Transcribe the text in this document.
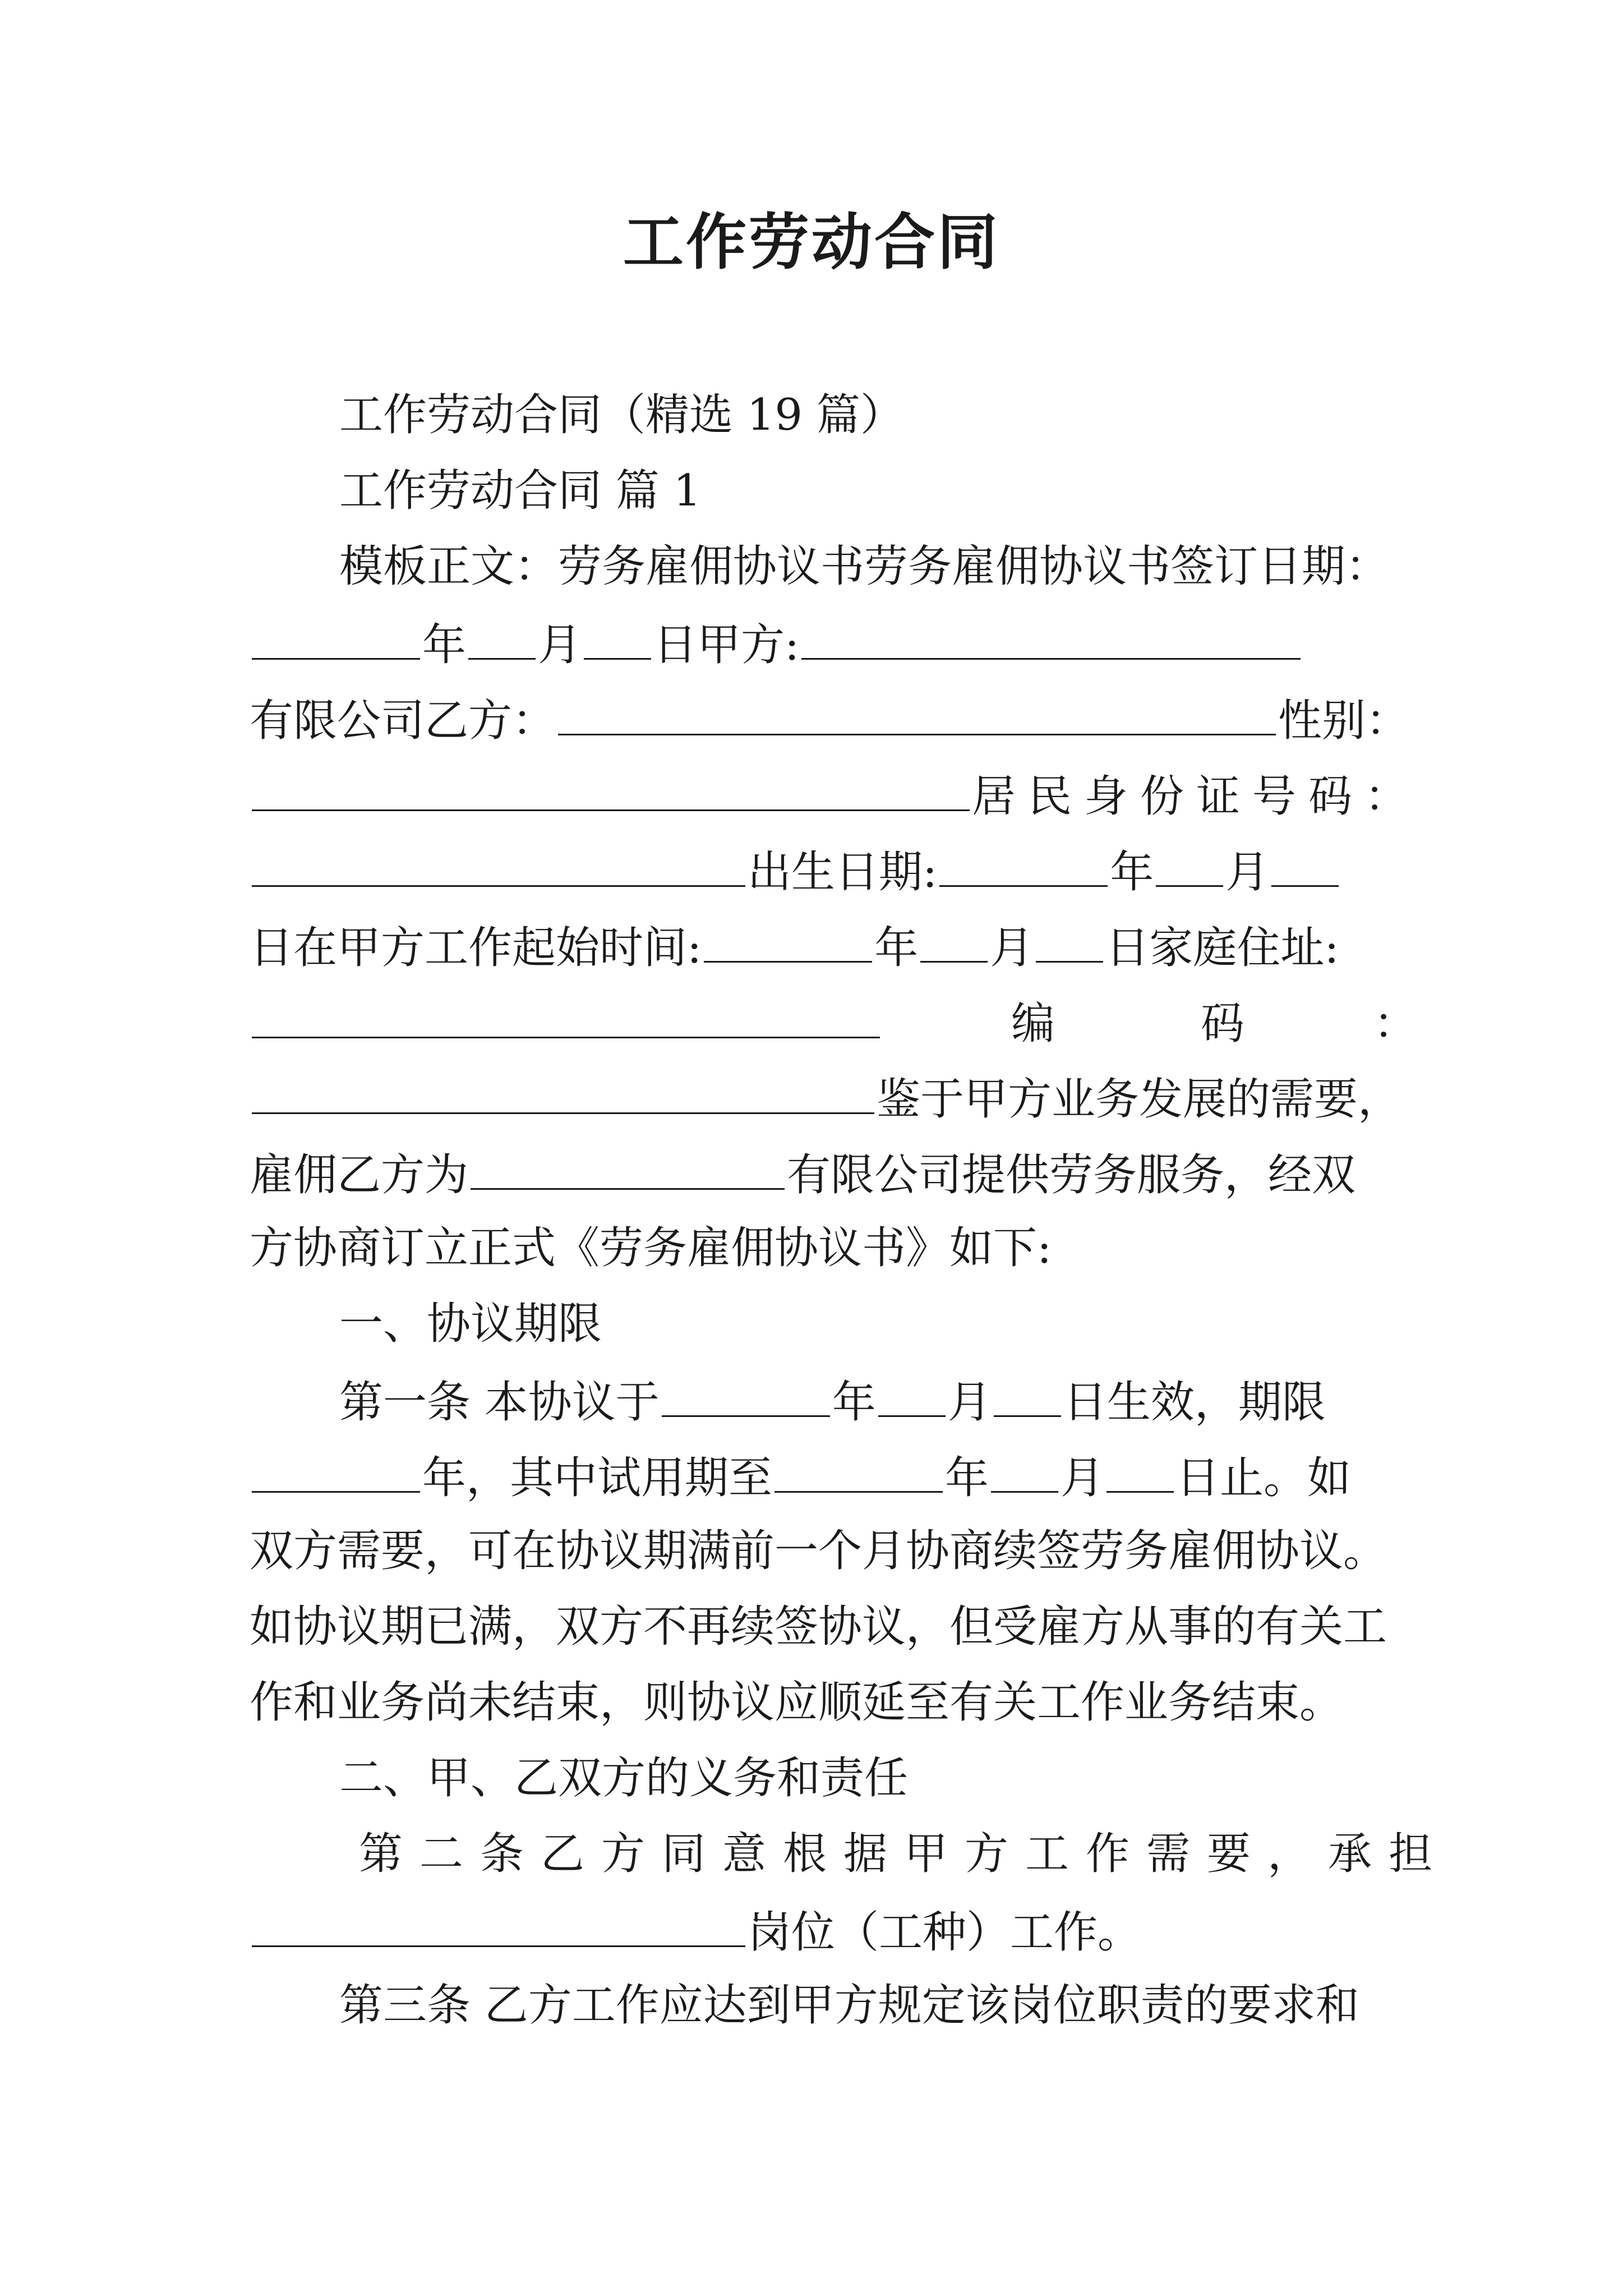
工作劳动合同
工作劳动合同（精选 19 篇）
工作劳动合同 篇 1
模板正文：劳务雇佣协议书劳务雇佣协议书签订日期：
年 月 日甲方:
有限公司乙方：	性别：
居民身份证号码：
出生日期:	年 月
日在甲方工作起始时间:	年 月 日家庭住址:
编	码	：
鉴于甲方业务发展的需要，
雇佣乙方为	有限公司提供劳务服务，经双
方协商订立正式《劳务雇佣协议书》如下:
一、协议期限
第一条 本协议于	年 月 日生效，期限
年，其中试用期至	年 月 日止。如
双方需要，可在协议期满前一个月协商续签劳务雇佣协议。
如协议期已满，双方不再续签协议，但受雇方从事的有关工
作和业务尚未结束，则协议应顺延至有关工作业务结束。
二、甲、乙双方的义务和责任
第二条 乙方同意根据甲方工作需要，承担
岗位（工种）工作。
第三条 乙方工作应达到甲方规定该岗位职责的要求和
